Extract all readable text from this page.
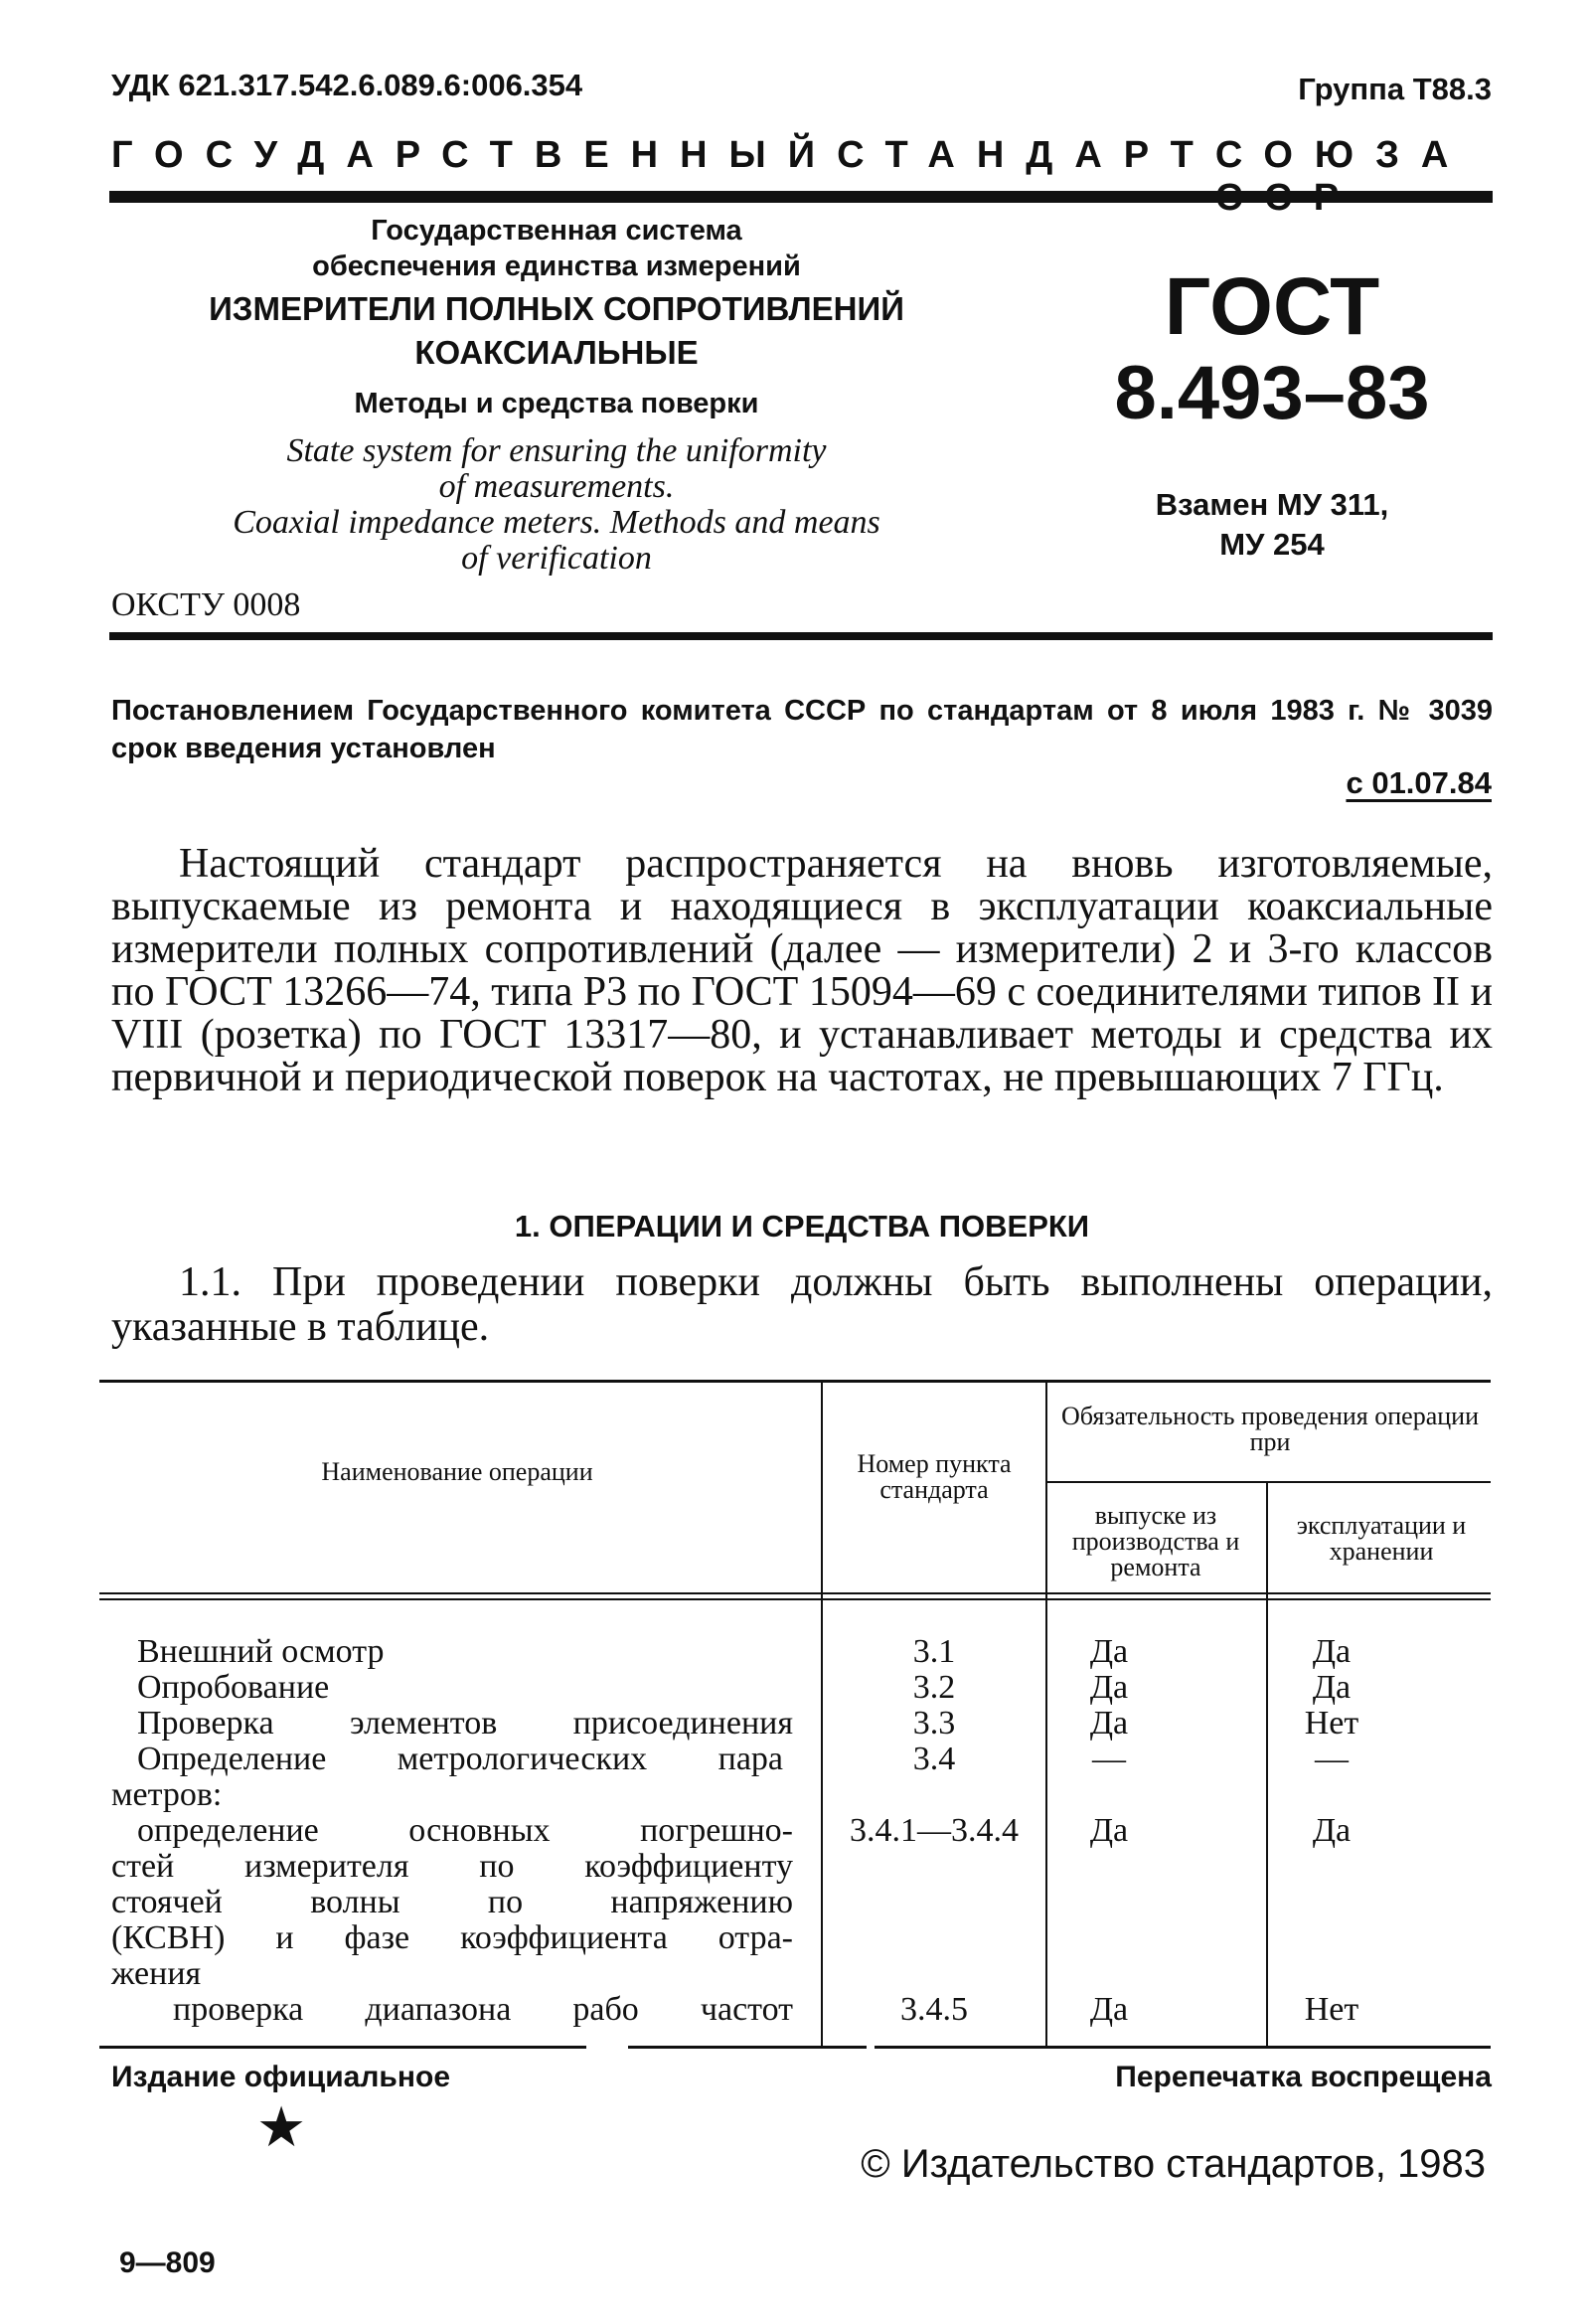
УДК 621.317.542.6.089.6:006.354	Группа Т88.3
ГОСУДАРСТВЕННЫЙ СТАНДАРТ СОЮЗА
Государственная система
обеспечения единства измерений
ИЗМЕРИТЕЛИ ПОЛНЫХ СОПРОТИВЛЕНИЙ
КОАКСИАЛЬНЫЕ
Методы и средства поверки
State system for ensuring the uniformity
of measurements.
Coaxial impedance meters. Methods and means
of verification
ОКСТУ 0008
ГОСТ
8.493–83
Взамен МУ 311,
МУ 254
Постановлением Государственного комитета СССР по стандартам от 8 июля 1983 г. № 3039 срок введения установлен
с 01.07.84
Настоящий стандарт распространяется на вновь изготовляемые, выпускаемые из ремонта и находящиеся в эксплуатации коаксиальные измерители полных сопротивлений (далее — измерители) 2 и 3-го классов по ГОСТ 13266—74, типа Р3 по ГОСТ 15094—69 с соединителями типов II и VIII (розетка) по ГОСТ 13317—80, и устанавливает методы и средства их первичной и периодической поверок на частотах, не превышающих 7 ГГц.
1. ОПЕРАЦИИ И СРЕДСТВА ПОВЕРКИ
1.1. При проведении поверки должны быть выполнены операции, указанные в таблице.
Наименование операции	Номер пункта стандарта
Обязательность проведения операции при
выпуске из производства и ремонта
эксплуатации и хранении
Внешний осмотр	3.1	Да	Да
Опробование	3.2	Да	Да
Проверка элементов присоединения	3.3	Да	Нет
Определение метрологических пара	3.4	—	—
метров:
определение основных погрешно-	3.4.1—3.4.4	Да	Да
стей измерителя по коэффициенту
стоячей волны по напряжению
(КСВН) и фазе коэффициента отра-
жения
проверка диапазона рабо частот	3.4.5	Да	Нет
Издание официальное	Перепечатка воспрещена
★
© Издательство стандартов, 1983
9—809
